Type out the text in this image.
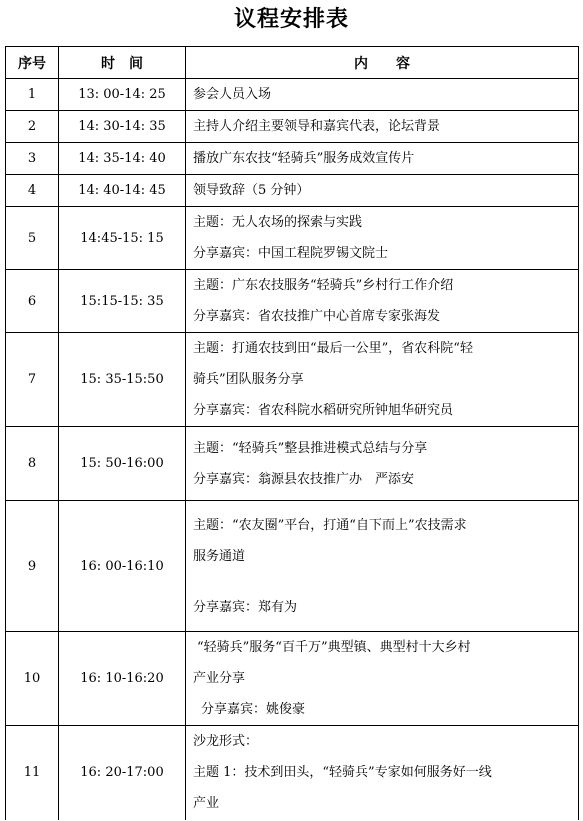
议程安排表
序号	时　间	内　　容
1	13: 00-14: 25	参会人员入场

2	14: 30-14: 35	主持人介绍主要领导和嘉宾代表，论坛背景

3	14: 35-14: 40	播放广东农技“轻骑兵”服务成效宣传片

4	14: 40-14: 45	领导致辞（5 分钟）

5	14:45-15: 15	主题：无人农场的探索与实践
分享嘉宾：中国工程院罗锡文院士

6	15:15-15: 35	主题：广东农技服务“轻骑兵”乡村行工作介绍
分享嘉宾：省农技推广中心首席专家张海发

7	15: 35-15:50	主题：打通农技到田“最后一公里”，省农科院“轻
骑兵”团队服务分享
分享嘉宾：省农科院水稻研究所钟旭华研究员

8	15: 50-16:00	主题：“轻骑兵”整县推进模式总结与分享
分享嘉宾：翁源县农技推广办　严添安

9	16: 00-16:10	主题：“农友圈”平台，打通“自下而上”农技需求
服务通道
分享嘉宾：郑有为

10	16: 10-16:20	“轻骑兵”服务“百千万”典型镇、典型村十大乡村
产业分享
分享嘉宾：姚俊豪

11	16: 20-17:00	沙龙形式：
主题 1：技术到田头，“轻骑兵”专家如何服务好一线
产业
